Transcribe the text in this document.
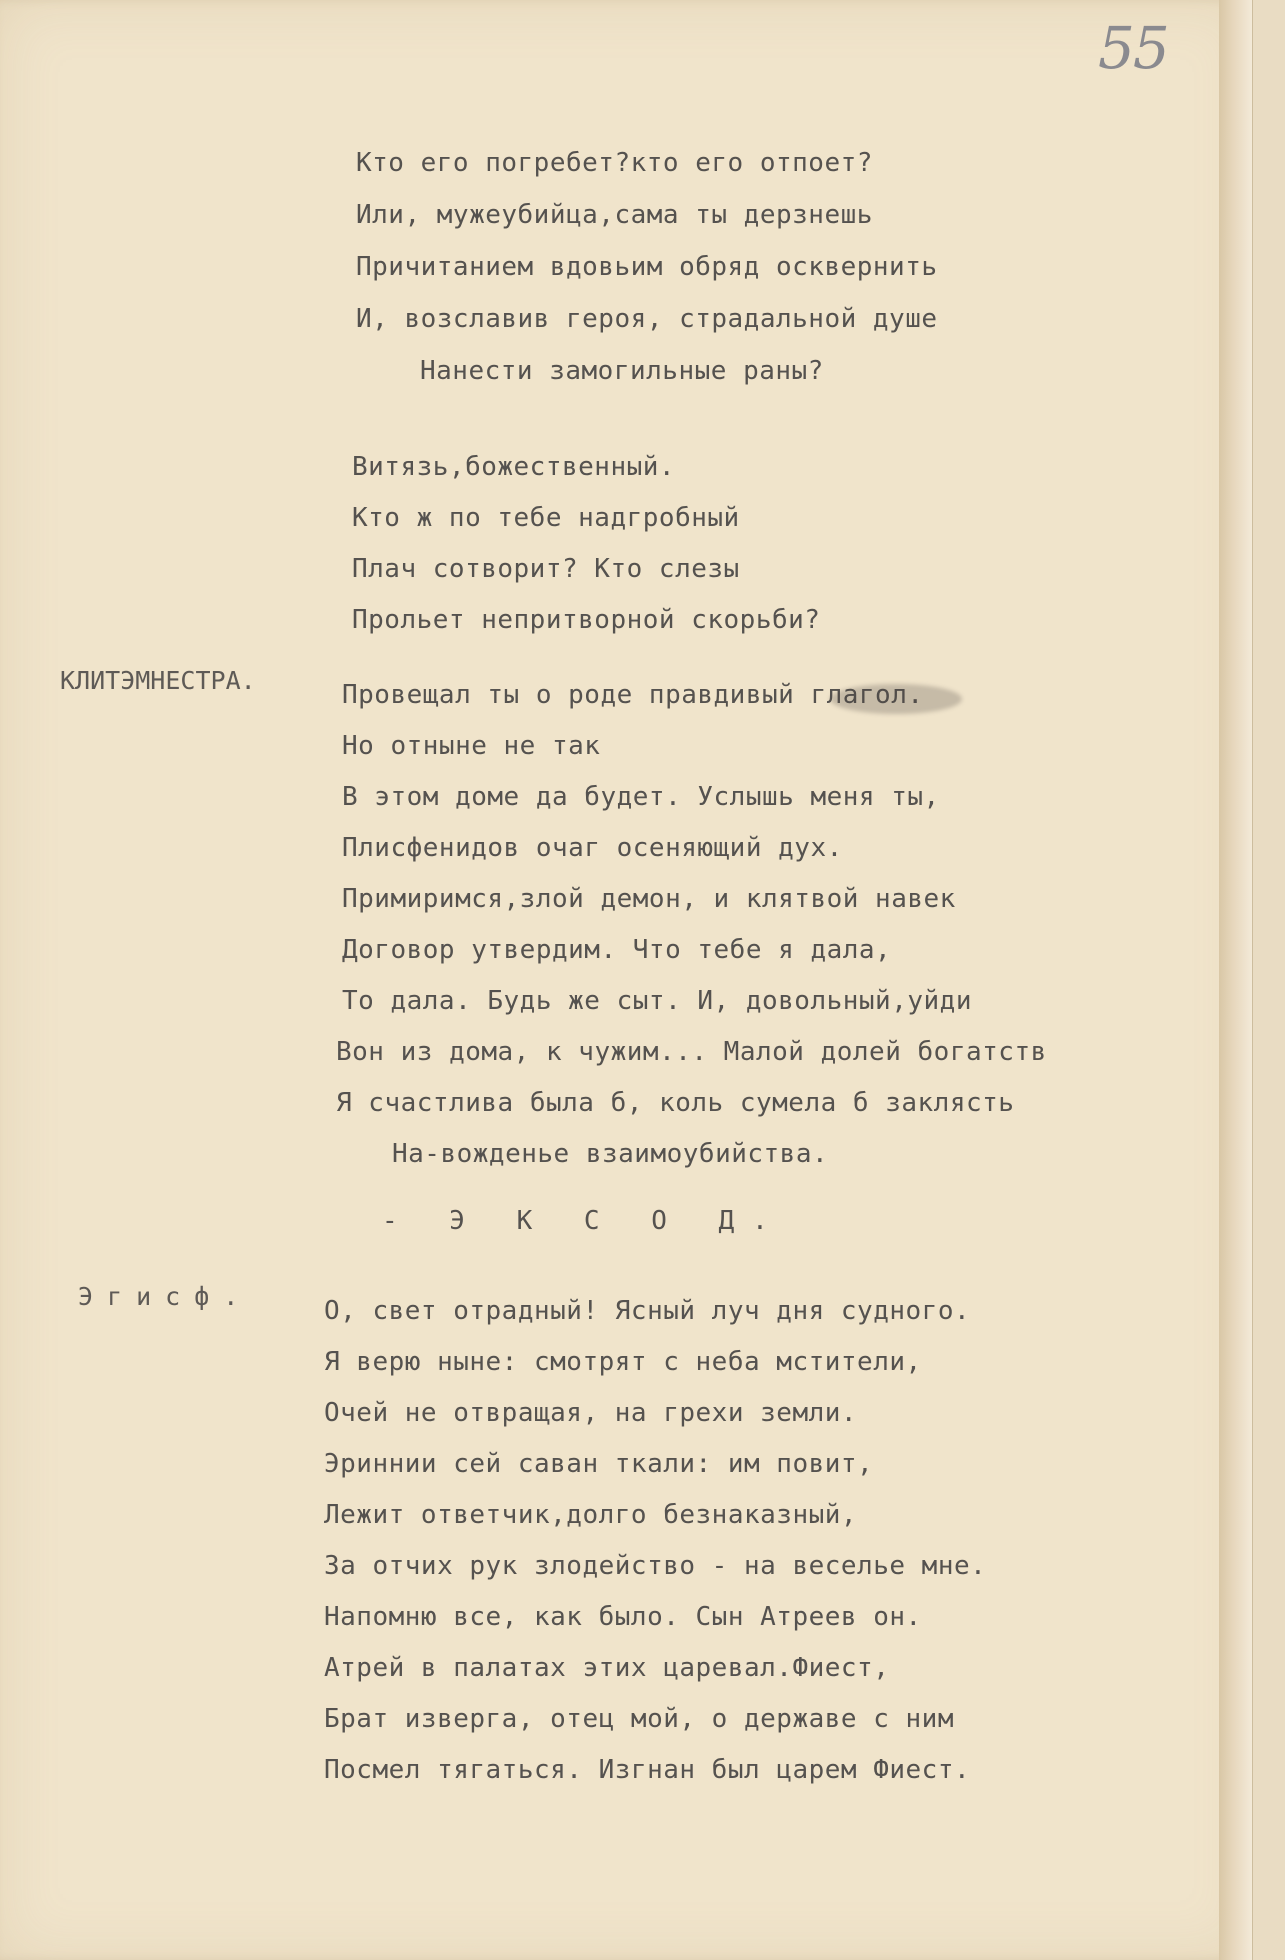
55
Кто его погребет?кто его отпоет?
Или, мужеубийца,сама ты дерзнешь
Причитанием вдовьим обряд осквернить
И, возславив героя, страдальной душе
Нанести замогильные раны?
Витязь,божественный.
Кто ж по тебе надгробный
Плач сотворит? Кто слезы
Прольет непритворной скорьби?
КЛИТЭМНЕСТРА.	Провещал ты о роде правдивый глагол.
Но отныне не так
В этом доме да будет. Услышь меня ты,
Плисфенидов очаг осеняющий дух.
Примиримся,злой демон, и клятвой навек
Договор утвердим. Что тебе я дала,
То дала. Будь же сыт. И, довольный,уйди
Вон из дома, к чужим... Малой долей богатств
Я счастлива была б, коль сумела б заклясть
На-вожденье взаимоубийства.
- Э К С О Д.
Эгисф.	О, свет отрадный! Ясный луч дня судного.
Я верю ныне: смотрят с неба мстители,
Очей не отвращая, на грехи земли.
Эриннии сей саван ткали: им повит,
Лежит ответчик,долго безнаказный,
За отчих рук злодейство - на веселье мне.
Напомню все, как было. Сын Атреев он.
Атрей в палатах этих царевал.Фиест,
Брат изверга, отец мой, о державе с ним
Посмел тягаться. Изгнан был царем Фиест.
